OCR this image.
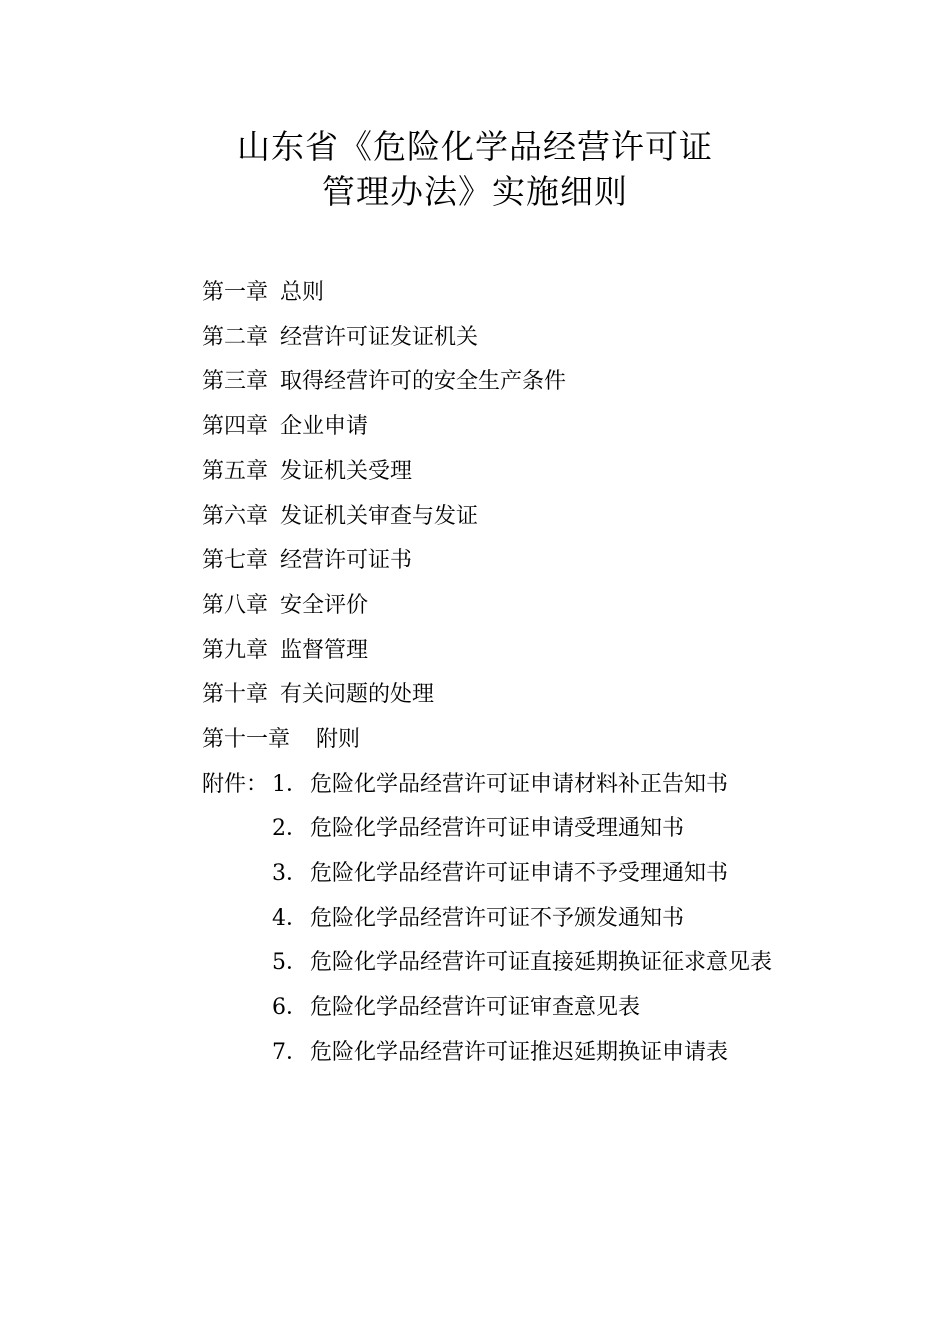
山东省《危险化学品经营许可证
管理办法》实施细则
第一章 总则
第二章 经营许可证发证机关
第三章 取得经营许可的安全生产条件
第四章 企业申请
第五章 发证机关受理
第六章 发证机关审查与发证
第七章 经营许可证书
第八章 安全评价
第九章 监督管理
第十章 有关问题的处理
第十一章 附则
附件： 1．危险化学品经营许可证申请材料补正告知书
2．危险化学品经营许可证申请受理通知书
3．危险化学品经营许可证申请不予受理通知书
4．危险化学品经营许可证不予颁发通知书
5．危险化学品经营许可证直接延期换证征求意见表
6．危险化学品经营许可证审查意见表
7．危险化学品经营许可证推迟延期换证申请表
